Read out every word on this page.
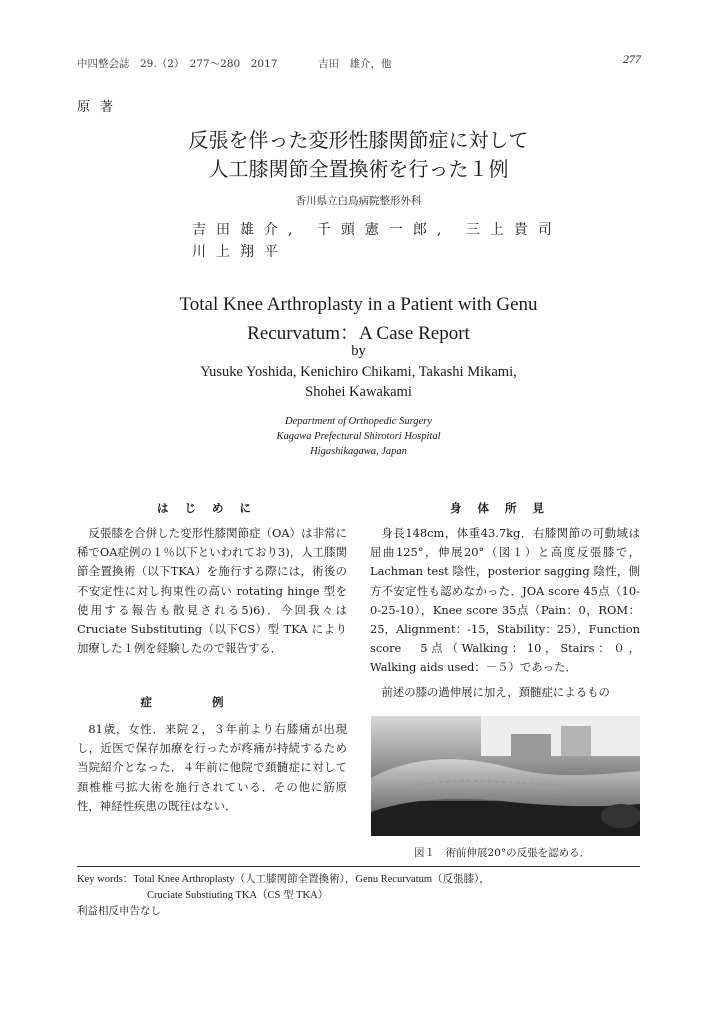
中四整会誌　29.（2）　277～280　2017	吉田　雄介，他	277
原著
反張を伴った変形性膝関節症に対して
人工膝関節全置換術を行った１例
香川県立白鳥病院整形外科
吉田雄介, 千頭憲一郎, 三上貴司
川上翔平
Total Knee Arthroplasty in a Patient with Genu
Recurvatum：A Case Report
by
Yusuke Yoshida, Kenichiro Chikami, Takashi Mikami,
Shohei Kawakami
Department of Orthopedic Surgery
Kagawa Prefectural Shirotori Hospital
Higashikagawa, Japan
はじめに
反張膝を合併した変形性膝関節症（OA）は非常に稀でOA症例の１％以下といわれており3)，人工膝関節全置換術（以下TKA）を施行する際には，術後の不安定性に対し拘束性の高い rotating hinge 型を使用する報告も散見される5)6)．今回我々は Cruciate Substituting（以下CS）型 TKA により加療した１例を経験したので報告する．
症例
81歳，女性．来院２，３年前より右膝痛が出現し，近医で保存加療を行ったが疼痛が持続するため当院紹介となった．４年前に他院で頚髄症に対して頚椎椎弓拡大術を施行されている．その他に筋原性，神経性疾患の既往はない．
身体所見
身長148cm，体重43.7kg．右膝関節の可動域は屈曲125°，伸展20°（図１）と高度反張膝で，Lachman test 陰性，posterior sagging 陰性，側方不安定性も認めなかった．JOA score 45点（10-0-25-10），Knee score 35点（Pain：0，ROM：25，Alignment：-15，Stability：25），Function score　5点（Walking：10，Stairs：０，Walking aids used：－５）であった．
前述の膝の過伸展に加え，頚髄症によるもの
図１　術前伸展20°の反張を認める．
Key words：Total Knee Arthroplasty（人工膝関節全置換術），Genu Recurvatum（反張膝），
Cruciate Substiuting TKA（CS 型 TKA）
利益相反申告なし
